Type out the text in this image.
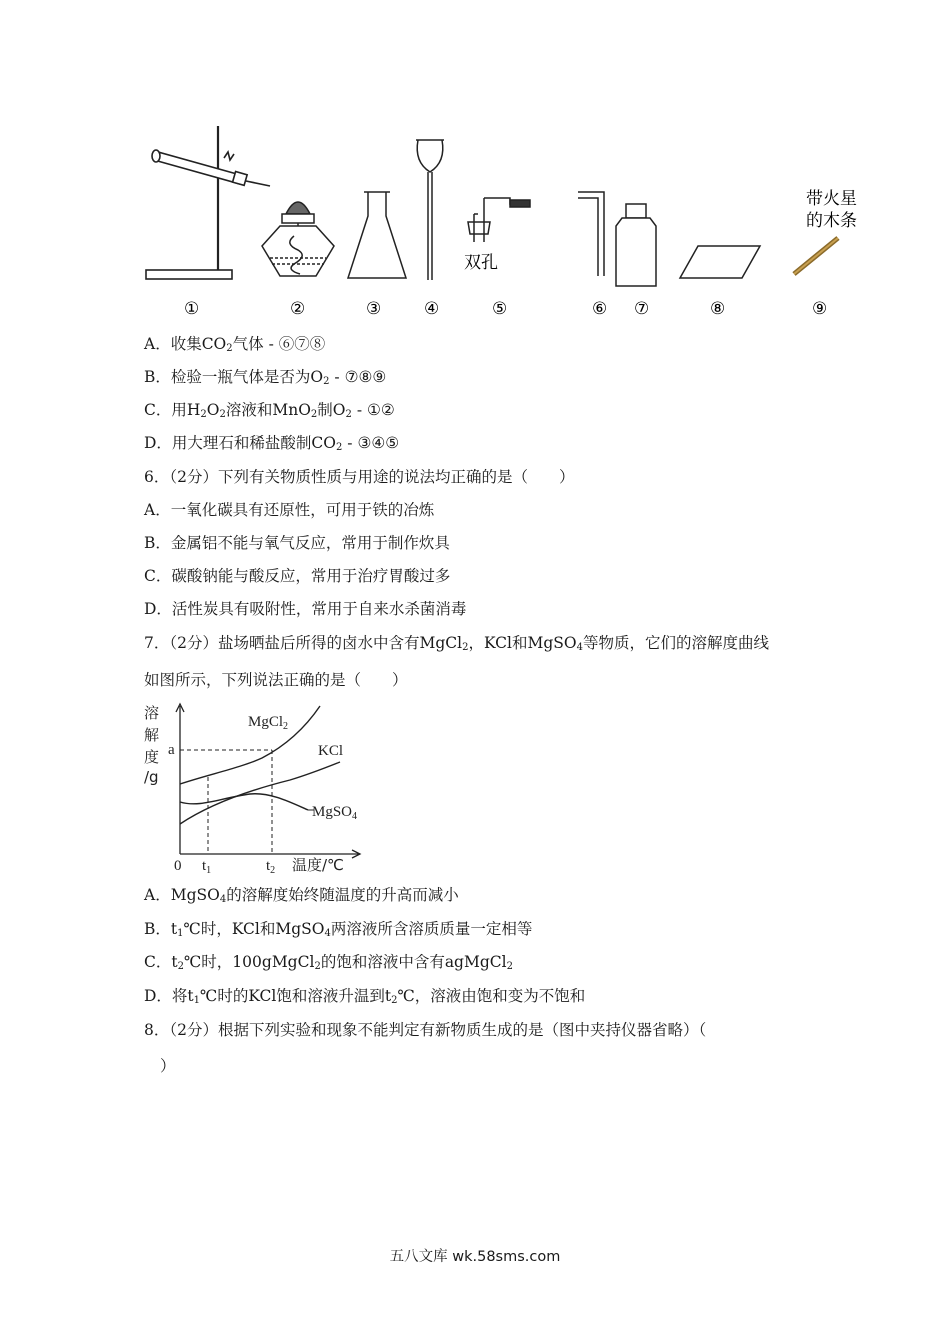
双孔
带火星
的木条
①	②	③	④	⑤	⑥ ⑦	⑧	⑨
A．收集$CO_2$气体 - ⑥⑦⑧
B．检验一瓶气体是否为$O_2$ - ⑦⑧⑨
C．用$H_2O_2$溶液和MnO$_2$制$O_2$ - ①②
D．用大理石和稀盐酸制$CO_2$ - ③④⑤
6．（2分）下列有关物质性质与用途的说法均正确的是（　　）
A．一氧化碳具有还原性，可用于铁的冶炼
B．金属铝不能与氧气反应，常用于制作炊具
C．碳酸钠能与酸反应，常用于治疗胃酸过多
D．活性炭具有吸附性，常用于自来水杀菌消毒
7．（2分）盐场晒盐后所得的卤水中含有MgCl$_2$，KCl和MgSO$_4$等物质，它们的溶解度曲线
如图所示，下列说法正确的是（　　）
溶
解
度
/g
MgCl$_2$
KCl
MgSO$_4$
a
0 $t_1$	$t_2$ 温度/℃
A．MgSO$_4$的溶解度始终随温度的升高而减小
B．$t_1℃$时，KCl和MgSO$_4$两溶液所含溶质质量一定相等
C．$t_2℃$时，100gMgCl$_2$的饱和溶液中含有agMgCl$_2$
D．将$t_1℃$时的KCl饱和溶液升温到$t_2℃$，溶液由饱和变为不饱和
8．（2分）根据下列实验和现象不能判定有新物质生成的是（图中夹持仪器省略）（
）
五八文库 wk.58sms.com
